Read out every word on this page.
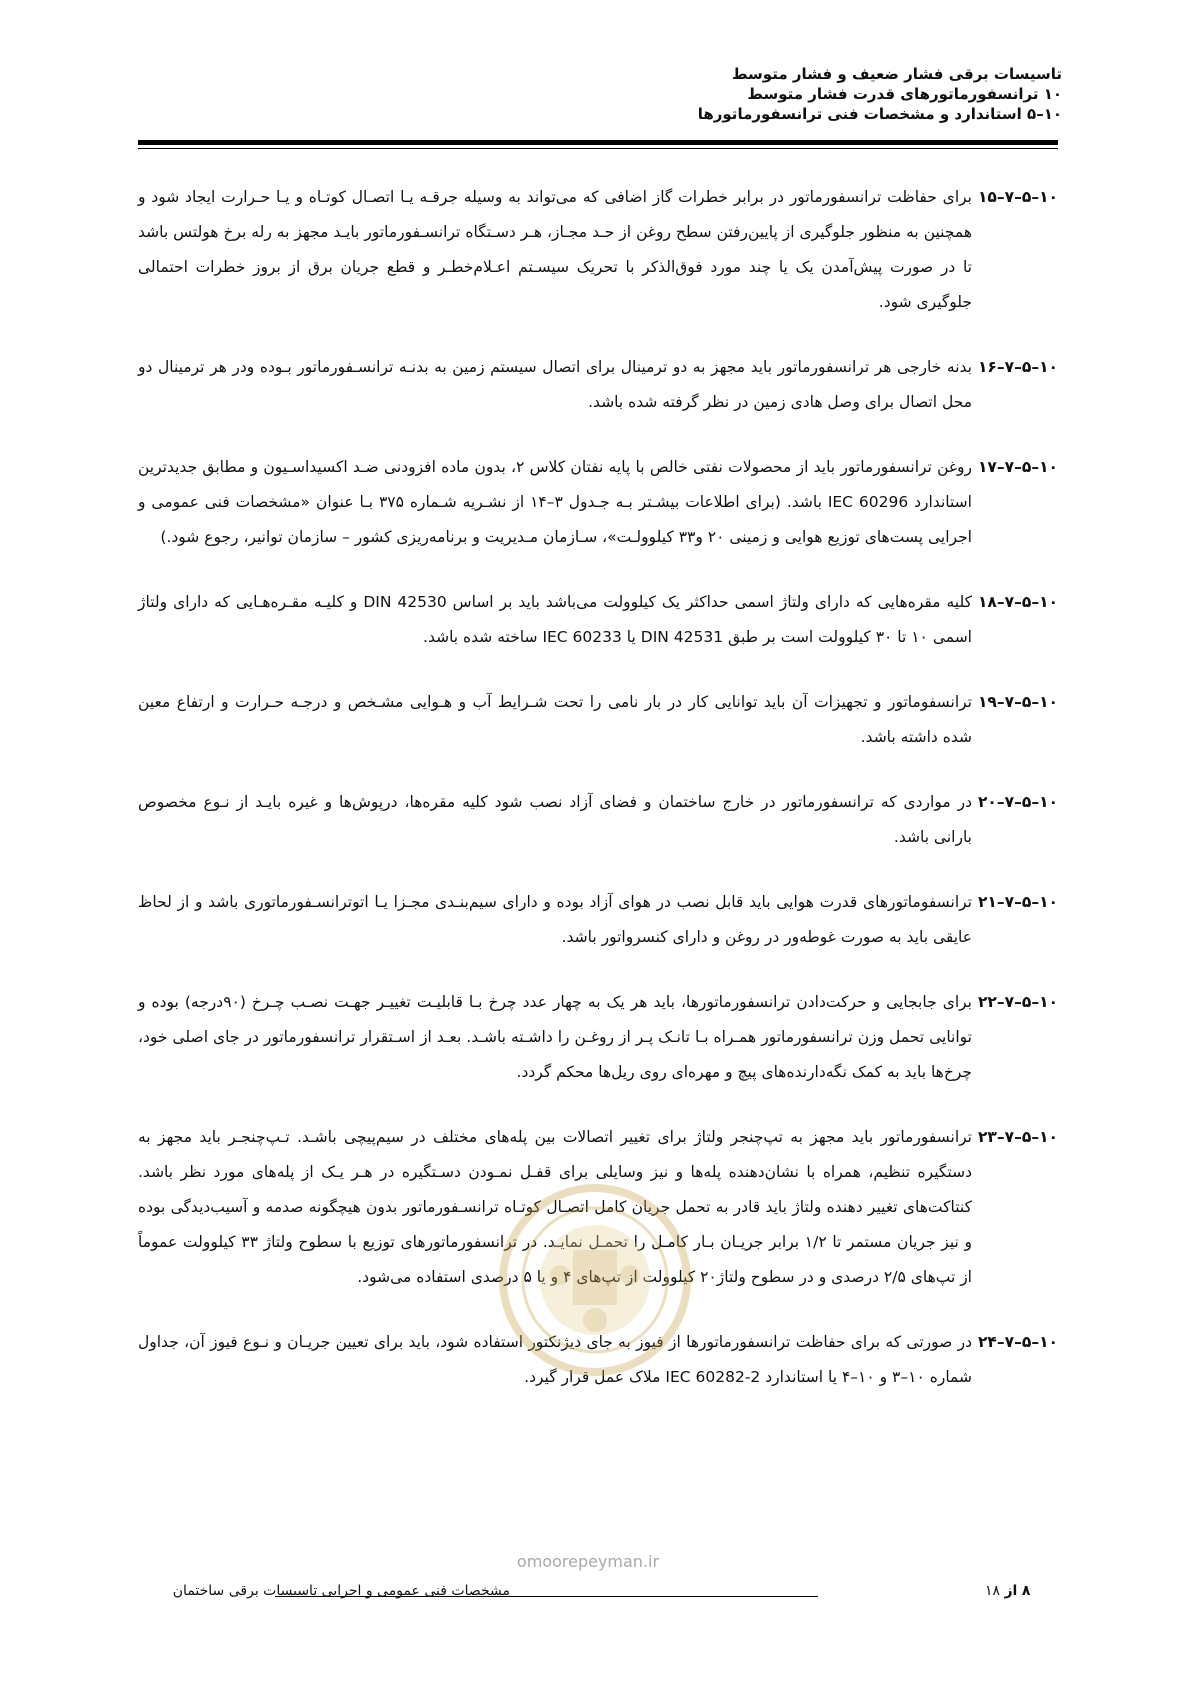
تاسیسات برقی فشار ضعیف و فشار متوسط
۱۰ ترانسفورماتورهای قدرت فشار متوسط
۱۰–۵ استاندارد و مشخصات فنی ترانسفورماتورها
۱۰–۵–۷–۱۵
برای حفاظت ترانسفورماتور در برابر خطرات گاز اضافی که می‌تواند به وسیله جرقـه یـا اتصـال کوتـاه و یـا حـرارت ایجاد شود و همچنین به منظور جلوگیری از پایین‌رفتن سطح روغن از حـد مجـاز، هـر دسـتگاه ترانسـفورماتور بایـد مجهز به رله برخ هولتس باشد تا در صورت پیش‌آمدن یک یا چند مورد فوق‌الذکر با تحریک سیسـتم اعـلام‌خطـر و قطع جریان برق از بروز خطرات احتمالی جلوگیری شود.
۱۰–۵–۷–۱۶
بدنه خارجی هر ترانسفورماتور باید مجهز به دو ترمینال برای اتصال سیستم زمین به بدنـه ترانسـفورماتور بـوده ودر هر ترمینال دو محل اتصال برای وصل هادی زمین در نظر گرفته شده باشد.
۱۰–۵–۷–۱۷
روغن ترانسفورماتور باید از محصولات نفتی خالص با پایه نفتان کلاس ۲، بدون ماده افزودنی ضـد اکسیداسـیون و مطابق جدیدترین استاندارد IEC 60296 باشد. (برای اطلاعات بیشـتر بـه جـدول ۳–۱۴ از نشـریه شـماره ۳۷۵ بـا عنوان «مشخصات فنی عمومی و اجرایی پست‌های توزیع هوایی و زمینی ۲۰ و۳۳ کیلوولـت»، سـازمان مـدیریت و برنامه‌ریزی کشور – سازمان توانیر، رجوع شود.)
۱۰–۵–۷–۱۸
کلیه مقره‌هایی که دارای ولتاژ اسمی حداکثر یک کیلوولت می‌باشد باید بر اساس DIN 42530 و کلیـه مقـره‌هـایی که دارای ولتاژ اسمی ۱۰ تا ۳۰ کیلوولت است بر طبق DIN 42531 یا IEC 60233 ساخته شده باشد.
۱۰–۵–۷–۱۹
ترانسفوماتور و تجهیزات آن باید توانایی کار در بار نامی را تحت شـرایط آب و هـوایی مشـخص و درجـه حـرارت و ارتفاع معین شده داشته باشد.
۱۰–۵–۷–۲۰
در مواردی که ترانسفورماتور در خارج ساختمان و فضای آزاد نصب شود کلیه مقره‌ها، درپوش‌ها و غیره بایـد از نـوع مخصوص بارانی باشد.
۱۰–۵–۷–۲۱
ترانسفوماتورهای قدرت هوایی باید قابل نصب در هوای آزاد بوده و دارای سیم‌بنـدی مجـزا یـا اتوترانسـفورماتوری باشد و از لحاظ عایقی باید به صورت غوطه‌ور در روغن و دارای کنسرواتور باشد.
۱۰–۵–۷–۲۲
برای جابجایی و حرکت‌دادن ترانسفورماتورها، باید هر یک به چهار عدد چرخ بـا قابلیـت تغییـر جهـت نصـب چـرخ (۹۰درجه) بوده و توانایی تحمل وزن ترانسفورماتور همـراه بـا تانـک پـر از روغـن را داشـته باشـد. بعـد از اسـتقرار ترانسفورماتور در جای اصلی خود، چرخ‌ها باید به کمک نگه‌دارنده‌های پیچ و مهره‌ای روی ریل‌ها محکم گردد.
۱۰–۵–۷–۲۳
ترانسفورماتور باید مجهز به تپ‌چنجر ولتاژ برای تغییر اتصالات بین پله‌های مختلف در سیم‌پیچی باشـد. تـپ‌چنجـر باید مجهز به دستگیره تنظیم، همراه با نشان‌دهنده پله‌ها و نیز وسایلی برای قفـل نمـودن دسـتگیره در هـر یـک از پله‌های مورد نظر باشد. کنتاکت‌های تغییر دهنده ولتاژ باید قادر به تحمل جریان کامل اتصـال کوتـاه ترانسـفورماتور بدون هیچگونه صدمه و آسیب‌دیدگی بوده و نیز جریان مستمر تا ۱/۲ برابر جریـان بـار کامـل را تحمـل نمایـد. در ترانسفورماتورهای توزیع با سطوح ولتاژ ۳۳ کیلوولت عموماً از تپ‌های ۲/۵ درصدی و در سطوح ولتاژ۲۰ کیلوولت از تپ‌های ۴ و یا ۵ درصدی استفاده می‌شود.
۱۰–۵–۷–۲۴
در صورتی که برای حفاظت ترانسفورماتورها از فیوز به جای دیژنکتور استفاده شود، باید برای تعیین جریـان و نـوع فیوز آن، جداول شماره ۱۰–۳ و ۱۰–۴ یا استاندارد IEC 60282-2 ملاک عمل قرار گیرد.
omoorepeyman.ir
مشخصات فنی عمومی و اجرایی تاسیسات برقی ساختمان	۸ از ۱۸
